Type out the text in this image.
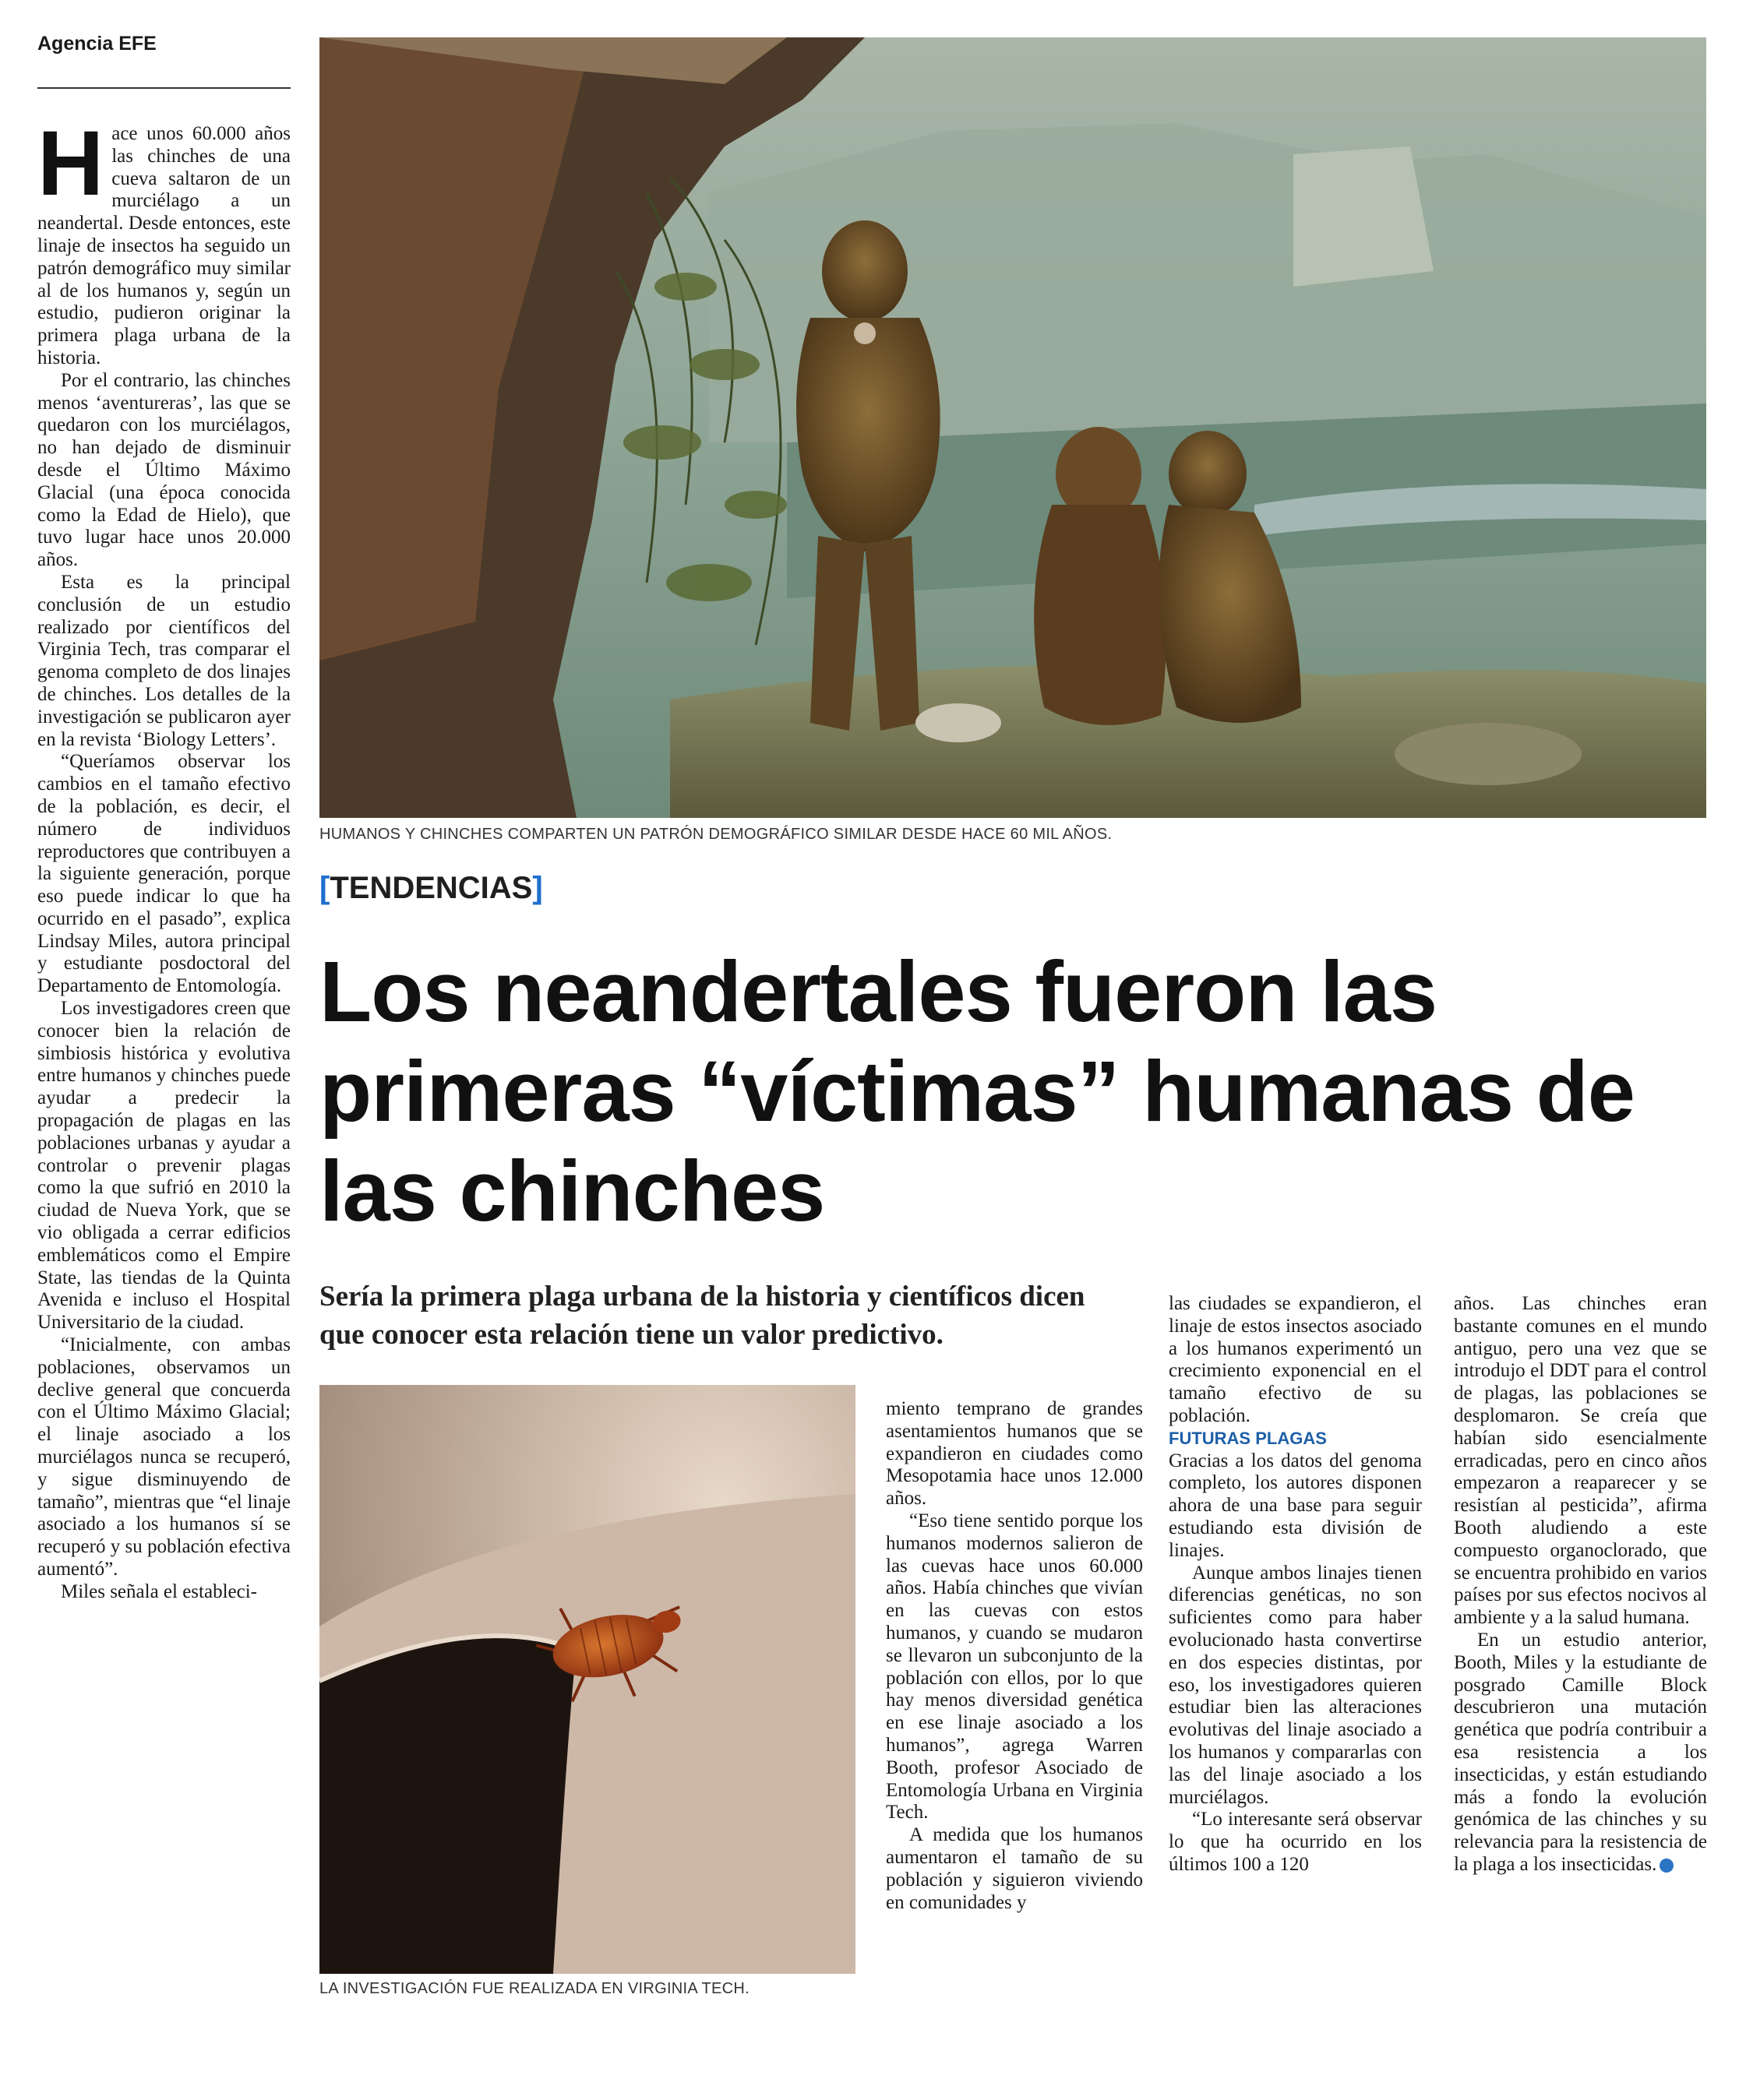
Agencia EFE

Hace unos 60.000 años las chinches de una cueva saltaron de un murciélago a un neandertal. Desde entonces, este linaje de insectos ha seguido un patrón demográfico muy similar al de los humanos y, según un estudio, pudieron originar la primera plaga urbana de la historia.

Por el contrario, las chinches menos ‘aventureras’, las que se quedaron con los murciélagos, no han dejado de disminuir desde el Último Máximo Glacial (una época conocida como la Edad de Hielo), que tuvo lugar hace unos 20.000 años.

Esta es la principal conclusión de un estudio realizado por científicos del Virginia Tech, tras comparar el genoma completo de dos linajes de chinches. Los detalles de la investigación se publicaron ayer en la revista ‘Biology Letters’.

“Queríamos observar los cambios en el tamaño efectivo de la población, es decir, el número de individuos reproductores que contribuyen a la siguiente generación, porque eso puede indicar lo que ha ocurrido en el pasado”, explica Lindsay Miles, autora principal y estudiante posdoctoral del Departamento de Entomología.

Los investigadores creen que conocer bien la relación de simbiosis histórica y evolutiva entre humanos y chinches puede ayudar a predecir la propagación de plagas en las poblaciones urbanas y ayudar a controlar o prevenir plagas como la que sufrió en 2010 la ciudad de Nueva York, que se vio obligada a cerrar edificios emblemáticos como el Empire State, las tiendas de la Quinta Avenida e incluso el Hospital Universitario de la ciudad.

“Inicialmente, con ambas poblaciones, observamos un declive general que concuerda con el Último Máximo Glacial; el linaje asociado a los murciélagos nunca se recuperó, y sigue disminuyendo de tamaño”, mientras que “el linaje asociado a los humanos sí se recuperó y su población efectiva aumentó”.

Miles señala el estableci-

HUMANOS Y CHINCHES COMPARTEN UN PATRÓN DEMOGRÁFICO SIMILAR DESDE HACE 60 MIL AÑOS.
[TENDENCIAS]
Los neandertales fueron las primeras “víctimas” humanas de las chinches
Sería la primera plaga urbana de la historia y científicos dicen que conocer esta relación tiene un valor predictivo.
LA INVESTIGACIÓN FUE REALIZADA EN VIRGINIA TECH.

miento temprano de grandes asentamientos humanos que se expandieron en ciudades como Mesopotamia hace unos 12.000 años.

“Eso tiene sentido porque los humanos modernos salieron de las cuevas hace unos 60.000 años. Había chinches que vivían en las cuevas con estos humanos, y cuando se mudaron se llevaron un subconjunto de la población con ellos, por lo que hay menos diversidad genética en ese linaje asociado a los humanos”, agrega Warren Booth, profesor Asociado de Entomología Urbana en Virginia Tech.

A medida que los humanos aumentaron el tamaño de su población y siguieron viviendo en comunidades y

las ciudades se expandieron, el linaje de estos insectos asociado a los humanos experimentó un crecimiento exponencial en el tamaño efectivo de su población.

FUTURAS PLAGAS

Gracias a los datos del genoma completo, los autores disponen ahora de una base para seguir estudiando esta división de linajes.

Aunque ambos linajes tienen diferencias genéticas, no son suficientes como para haber evolucionado hasta convertirse en dos especies distintas, por eso, los investigadores quieren estudiar bien las alteraciones evolutivas del linaje asociado a los humanos y compararlas con las del linaje asociado a los murciélagos.

“Lo interesante será observar lo que ha ocurrido en los últimos 100 a 120

años. Las chinches eran bastante comunes en el mundo antiguo, pero una vez que se introdujo el DDT para el control de plagas, las poblaciones se desplomaron. Se creía que habían sido esencialmente erradicadas, pero en cinco años empezaron a reaparecer y se resistían al pesticida”, afirma Booth aludiendo a este compuesto organoclorado, que se encuentra prohibido en varios países por sus efectos nocivos al ambiente y a la salud humana.

En un estudio anterior, Booth, Miles y la estudiante de posgrado Camille Block descubrieron una mutación genética que podría contribuir a esa resistencia a los insecticidas, y están estudiando más a fondo la evolución genómica de las chinches y su relevancia para la resistencia de la plaga a los insecticidas. +
